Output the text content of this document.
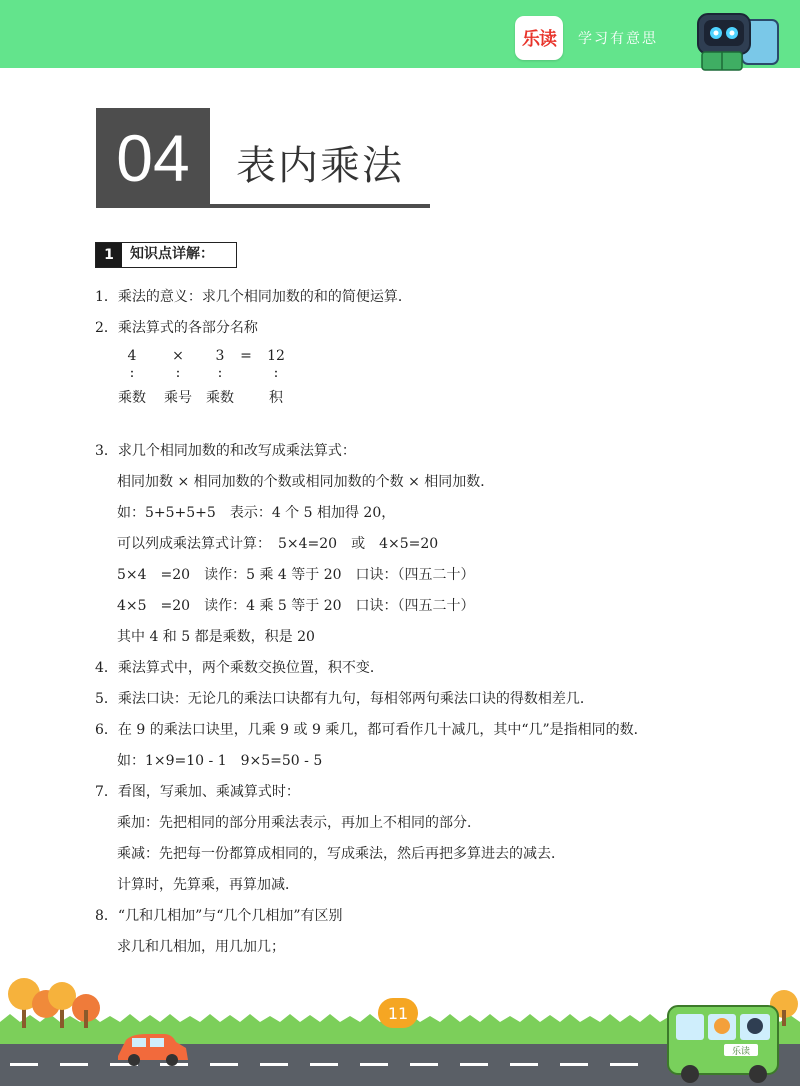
乐读 学习有意思
04	表内乘法
1	知识点详解：
1．乘法的意义：求几个相同加数的和的简便运算．
2．乘法算式的各部分名称
4	× 3 = 12
:	:	:	:
乘数 乘号 乘数	积
3．求几个相同加数的和改写成乘法算式：
相同加数 × 相同加数的个数或相同加数的个数 × 相同加数．
如：5+5+5+5　表示：4 个 5 相加得 20，
可以列成乘法算式计算：　5×4=20　或　4×5=20
5×4　=20　读作：5 乘 4 等于 20　口诀：（四五二十）
4×5　=20　读作：4 乘 5 等于 20　口诀：（四五二十）
其中 4 和 5 都是乘数，积是 20
4．乘法算式中，两个乘数交换位置，积不变．
5．乘法口诀：无论几的乘法口诀都有九句，每相邻两句乘法口诀的得数相差几．
6．在 9 的乘法口诀里，几乘 9 或 9 乘几，都可看作几十减几，其中“几”是指相同的数．
如：1×9=10 - 1　9×5=50 - 5
7．看图，写乘加、乘减算式时：
乘加：先把相同的部分用乘法表示，再加上不相同的部分．
乘减：先把每一份都算成相同的，写成乘法，然后再把多算进去的减去．
计算时，先算乘，再算加减．
8．“几和几相加”与“几个几相加”有区别
求几和几相加，用几加几；
乐读
11
